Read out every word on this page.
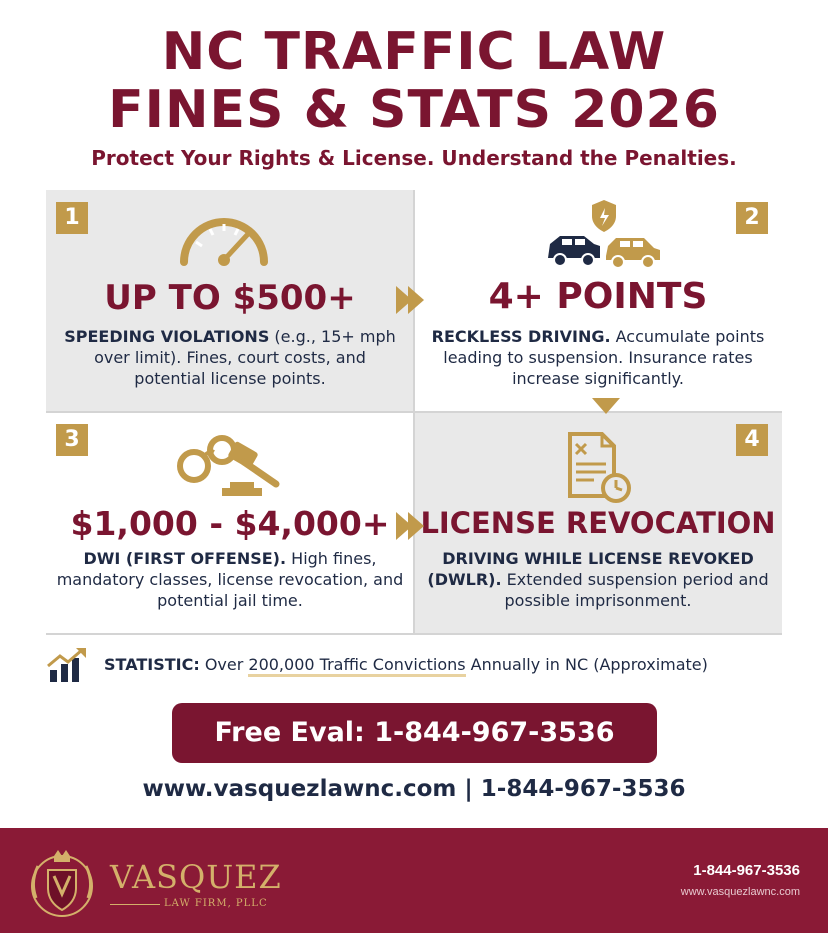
NC TRAFFIC LAW
FINES & STATS 2026
Protect Your Rights & License. Understand the Penalties.
1
UP TO $500+
SPEEDING VIOLATIONS (e.g., 15+ mph over limit). Fines, court costs, and potential license points.
2
4+ POINTS
RECKLESS DRIVING. Accumulate points leading to suspension. Insurance rates increase significantly.
3
$1,000 - $4,000+
DWI (FIRST OFFENSE). High fines, mandatory classes, license revocation, and potential jail time.
4
LICENSE REVOCATION
DRIVING WHILE LICENSE REVOKED (DWLR). Extended suspension period and possible imprisonment.
STATISTIC: Over 200,000 Traffic Convictions Annually in NC (Approximate)
Free Eval: 1-844-967-3536
www.vasquezlawnc.com | 1-844-967-3536
VASQUEZ
LAW FIRM, PLLC
1-844-967-3536
www.vasquezlawnc.com
